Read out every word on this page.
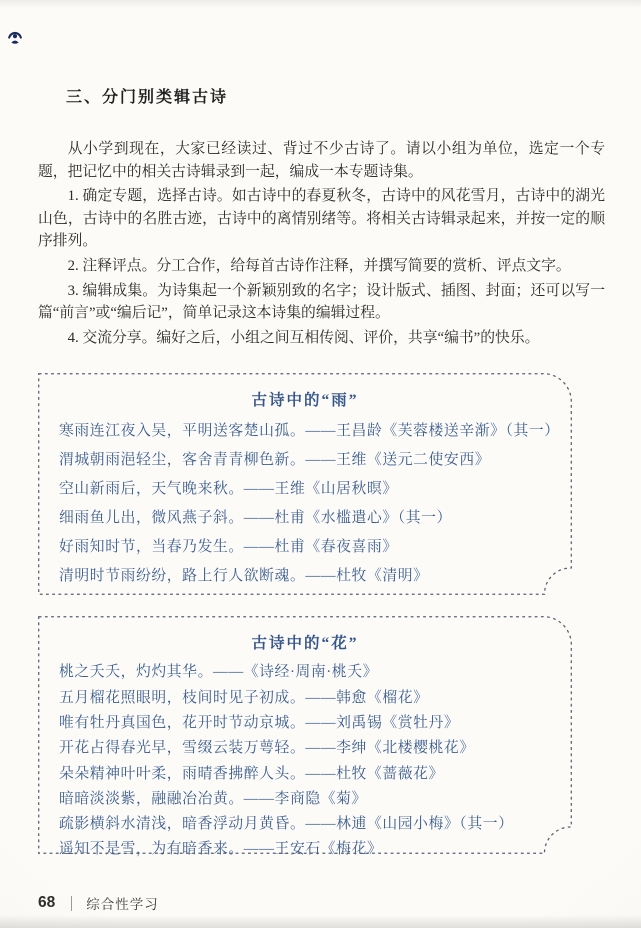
三、分门别类辑古诗

从小学到现在，大家已经读过、背过不少古诗了。请以小组为单位，选定一个专题，把记忆中的相关古诗辑录到一起，编成一本专题诗集。

1. 确定专题，选择古诗。如古诗中的春夏秋冬，古诗中的风花雪月，古诗中的湖光山色，古诗中的名胜古迹，古诗中的离情别绪等。将相关古诗辑录起来，并按一定的顺序排列。

2. 注释评点。分工合作，给每首古诗作注释，并撰写简要的赏析、评点文字。

3. 编辑成集。为诗集起一个新颖别致的名字；设计版式、插图、封面；还可以写一篇“前言”或“编后记”，简单记录这本诗集的编辑过程。

4. 交流分享。编好之后，小组之间互相传阅、评价，共享“编书”的快乐。

古诗中的“雨”
寒雨连江夜入吴，平明送客楚山孤。——王昌龄《芙蓉楼送辛渐》（其一）
渭城朝雨浥轻尘，客舍青青柳色新。——王维《送元二使安西》
空山新雨后，天气晚来秋。——王维《山居秋暝》
细雨鱼儿出，微风燕子斜。——杜甫《水槛遣心》（其一）
好雨知时节，当春乃发生。——杜甫《春夜喜雨》
清明时节雨纷纷，路上行人欲断魂。——杜牧《清明》
古诗中的“花”
桃之夭夭，灼灼其华。——《诗经·周南·桃夭》
五月榴花照眼明，枝间时见子初成。——韩愈《榴花》
唯有牡丹真国色，花开时节动京城。——刘禹锡《赏牡丹》
开花占得春光早，雪缀云装万萼轻。——李绅《北楼樱桃花》
朵朵精神叶叶柔，雨晴香拂醉人头。——杜牧《蔷薇花》
暗暗淡淡紫，融融冶冶黄。——李商隐《菊》
疏影横斜水清浅，暗香浮动月黄昏。——林逋《山园小梅》（其一）
遥知不是雪，为有暗香来。——王安石《梅花》
68 综合性学习
